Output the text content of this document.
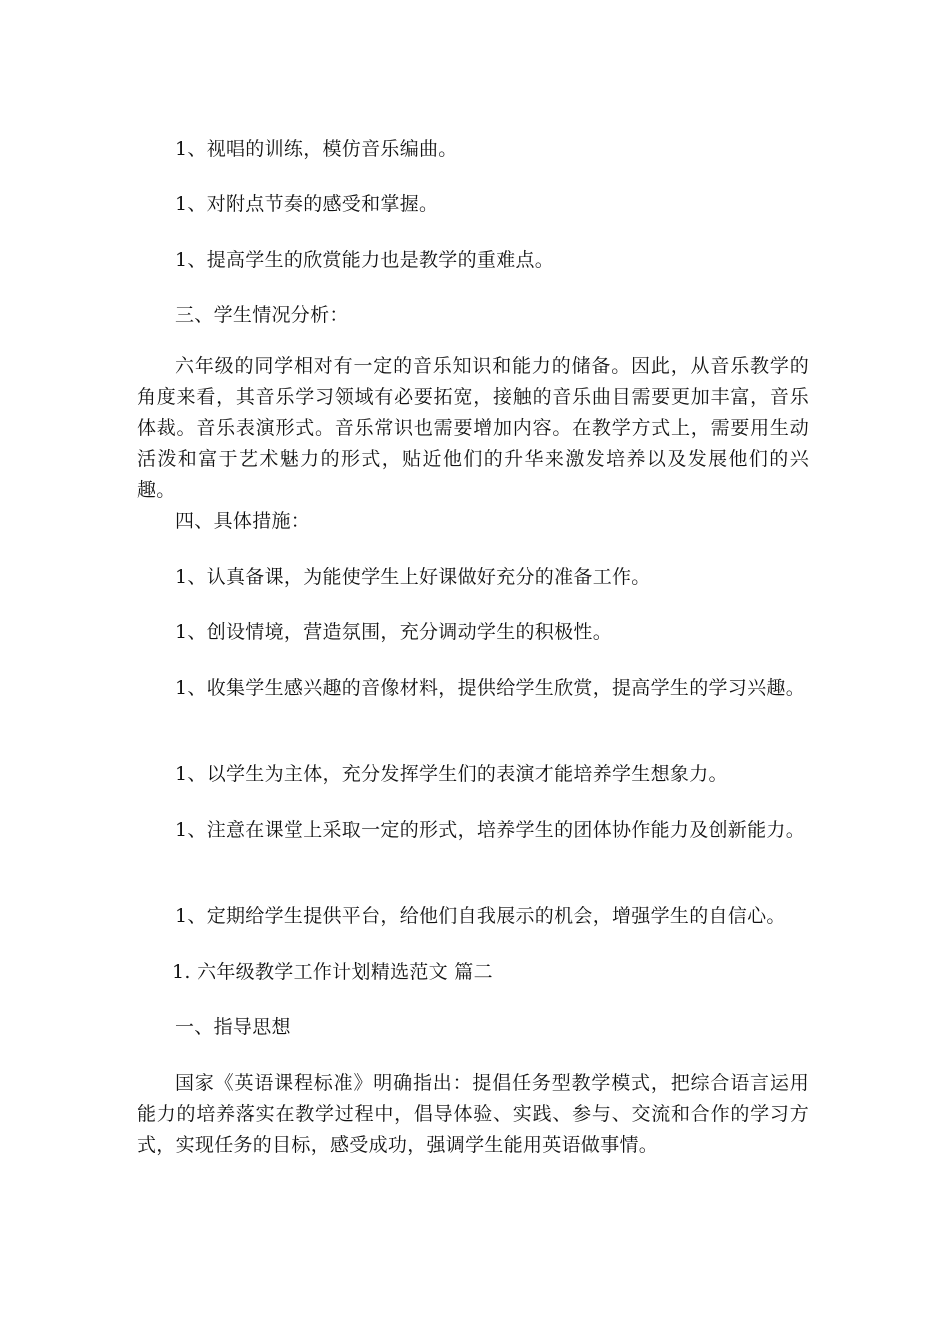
1、视唱的训练，模仿音乐编曲。

1、对附点节奏的感受和掌握。

1、提高学生的欣赏能力也是教学的重难点。

三、学生情况分析：

六年级的同学相对有一定的音乐知识和能力的储备。因此，从音乐教学的角度来看，其音乐学习领域有必要拓宽，接触的音乐曲目需要更加丰富，音乐体裁。音乐表演形式。音乐常识也需要增加内容。在教学方式上，需要用生动活泼和富于艺术魅力的形式，贴近他们的升华来激发培养以及发展他们的兴趣。

四、具体措施：

1、认真备课，为能使学生上好课做好充分的准备工作。

1、创设情境，营造氛围，充分调动学生的积极性。

1、收集学生感兴趣的音像材料，提供给学生欣赏，提高学生的学习兴趣。

1、以学生为主体，充分发挥学生们的表演才能培养学生想象力。

1、注意在课堂上采取一定的形式，培养学生的团体协作能力及创新能力。

1、定期给学生提供平台，给他们自我展示的机会，增强学生的自信心。

1. 六年级教学工作计划精选范文 篇二

一、指导思想

国家《英语课程标准》明确指出：提倡任务型教学模式，把综合语言运用能力的培养落实在教学过程中，倡导体验、实践、参与、交流和合作的学习方式，实现任务的目标，感受成功，强调学生能用英语做事情。
